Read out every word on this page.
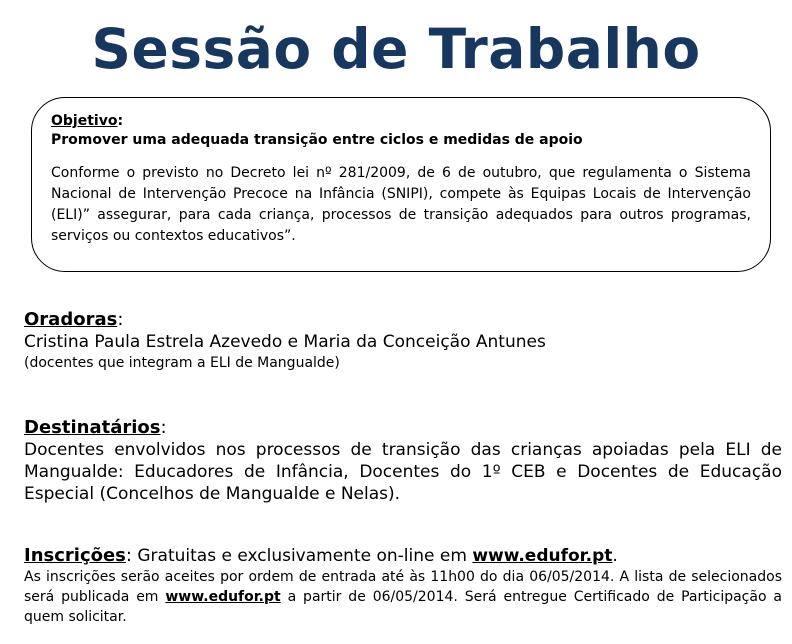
Sessão de Trabalho
Objetivo:
Promover uma adequada transição entre ciclos e medidas de apoio
Conforme o previsto no Decreto lei nº 281/2009, de 6 de outubro, que regulamenta o Sistema Nacional de Intervenção Precoce na Infância (SNIPI), compete às Equipas Locais de Intervenção (ELI)” assegurar, para cada criança, processos de transição adequados para outros programas, serviços ou contextos educativos”.
Oradoras:
Cristina Paula Estrela Azevedo e Maria da Conceição Antunes
(docentes que integram a ELI de Mangualde)
Destinatários:
Docentes envolvidos nos processos de transição das crianças apoiadas pela ELI de Mangualde: Educadores de Infância, Docentes do 1º CEB e Docentes de Educação Especial (Concelhos de Mangualde e Nelas).
Inscrições: Gratuitas e exclusivamente on-line em www.edufor.pt.
As inscrições serão aceites por ordem de entrada até às 11h00 do dia 06/05/2014. A lista de selecionados será publicada em www.edufor.pt a partir de 06/05/2014. Será entregue Certificado de Participação a quem solicitar.
